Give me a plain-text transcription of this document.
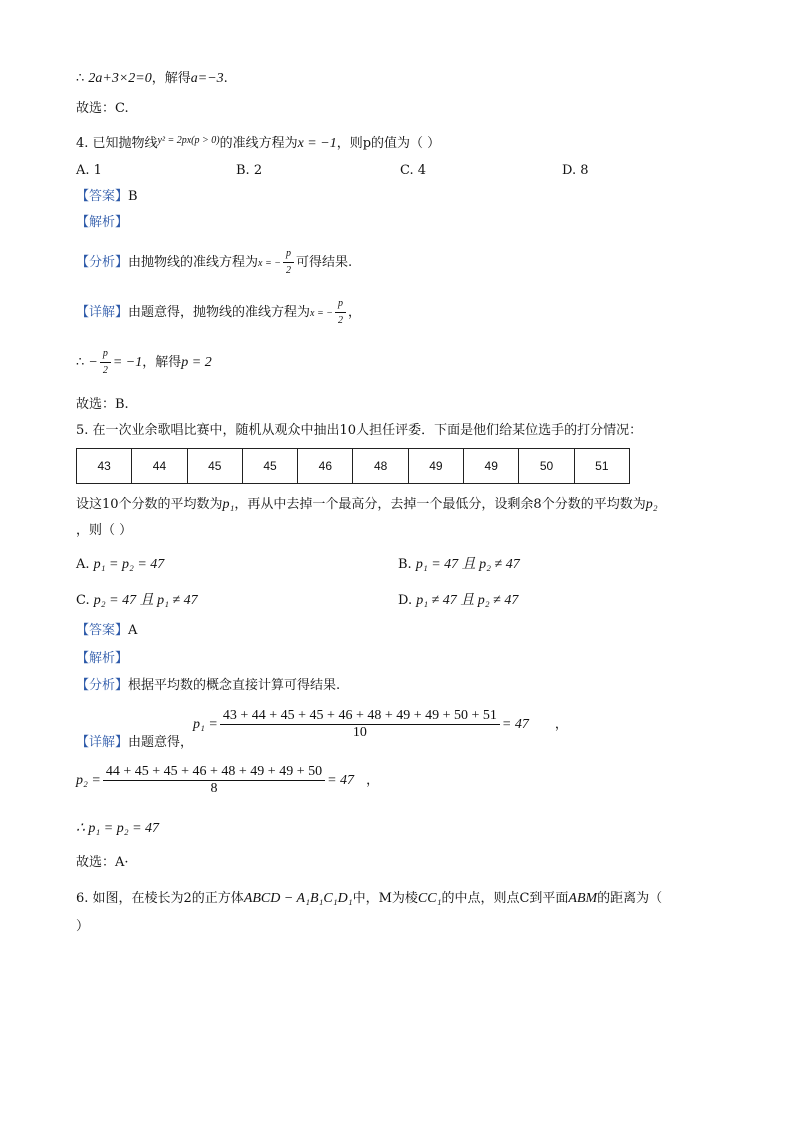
∴ 2a+3×2=0，解得a=−3.
故选：C.
4. 已知抛物线$^{y^2 = 2px(p > 0)}$的准线方程为x = −1，则p的值为（ ）
A. 1	B. 2	C. 4	D. 8
【答案】B
【解析】
【分析】由抛物线的准线方程为x = − $\frac{p}{2}$ 可得结果.
【详解】由题意得，抛物线的准线方程为x = − $\frac{p}{2}$ ，
∴ − $\frac{p}{2} = -1$，解得p = 2
故选：B.
5. 在一次业余歌唱比赛中，随机从观众中抽出10人担任评委．下面是他们给某位选手的打分情况：
43	44	45	45	46	48	49	49	50	51
设这10个分数的平均数为p₁，再从中去掉一个最高分，去掉一个最低分，设剩余8个分数的平均数为p₂
，则（ ）
A. p₁ = p₂ = 47	B. p₁ = 47 且 p₂ ≠ 47
C. p₂ = 47 且 p₁ ≠ 47	D. p₁ ≠ 47 且 p₂ ≠ 47
【答案】A
【解析】
【分析】根据平均数的概念直接计算可得结果.
【详解】由题意得，$p_1 = \frac{43 + 44 + 45 + 45 + 46 + 48 + 49 + 49 + 50 + 51}{10} = 47$ ，
$p_2 = \frac{44 + 45 + 45 + 46 + 48 + 49 + 49 + 50}{8} = 47$ ，
∴ p₁ = p₂ = 47
故选：A·
6. 如图，在棱长为2的正方体ABCD − A₁B₁C₁D₁中，M为棱CC₁的中点，则点C到平面ABM的距离为（
）
